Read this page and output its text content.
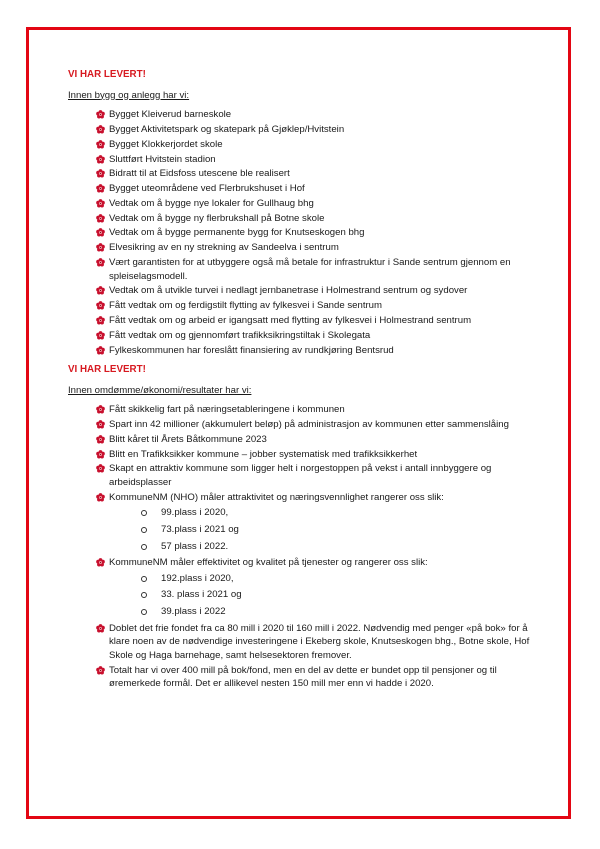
VI HAR LEVERT!

Innen bygg og anlegg har vi:

Bygget Kleiverud barneskole
Bygget Aktivitetspark og skatepark på Gjøklep/Hvitstein
Bygget Klokkerjordet skole
Sluttført Hvitstein stadion
Bidratt til at Eidsfoss utescene ble realisert
Bygget uteområdene ved Flerbrukshuset i Hof
Vedtak om å bygge nye lokaler for Gullhaug bhg
Vedtak om å bygge ny flerbrukshall på Botne skole
Vedtak om å bygge permanente bygg for Knutseskogen bhg
Elvesikring av en ny strekning av Sandeelva i sentrum
Vært garantisten for at utbyggere også må betale for infrastruktur i Sande sentrum gjennom en spleiselagsmodell.
Vedtak om å utvikle turvei i nedlagt jernbanetrase i Holmestrand sentrum og sydover
Fått vedtak om og ferdigstilt flytting av fylkesvei i Sande sentrum
Fått vedtak om og arbeid er igangsatt med flytting av fylkesvei i Holmestrand sentrum
Fått vedtak om og gjennomført trafikksikringstiltak i Skolegata
Fylkeskommunen har foreslått finansiering av rundkjøring Bentsrud

VI HAR LEVERT!

Innen omdømme/økonomi/resultater har vi:

Fått skikkelig fart på næringsetableringene i kommunen
Spart inn 42 millioner (akkumulert beløp) på administrasjon av kommunen etter sammenslåing
Blitt kåret til Årets Båtkommune 2023
Blitt en Trafikksikker kommune – jobber systematisk med trafikksikkerhet
Skapt en attraktiv kommune som ligger helt i norgestoppen på vekst i antall innbyggere og arbeidsplasser
KommuneNM (NHO) måler attraktivitet og næringsvennlighet rangerer oss slik:
99.plass i 2020,
73.plass i 2021 og
57 plass i 2022.
KommuneNM måler effektivitet og kvalitet på tjenester og rangerer oss slik:
192.plass i 2020,
33. plass i 2021 og
39.plass i 2022
Doblet det frie fondet fra ca 80 mill i 2020 til 160 mill i 2022. Nødvendig med penger «på bok» for å klare noen av de nødvendige investeringene i Ekeberg skole, Knutseskogen bhg., Botne skole, Hof Skole og Haga barnehage, samt helsesektoren fremover.
Totalt har vi over 400 mill på bok/fond, men en del av dette er bundet opp til pensjoner og til øremerkede formål. Det er allikevel nesten 150 mill mer enn vi hadde i 2020.
